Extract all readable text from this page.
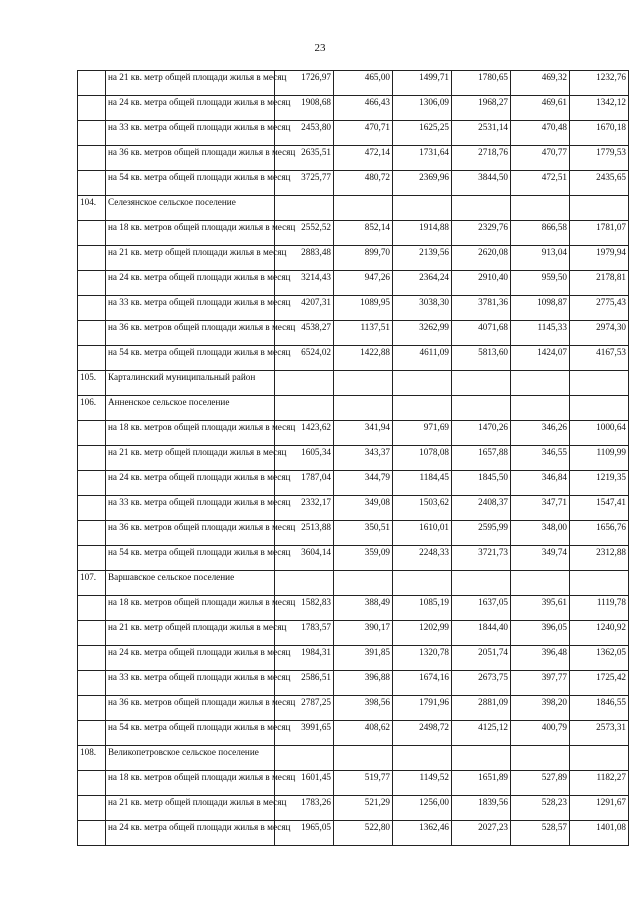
23
	на 21 кв. метр общей площади жилья в месяц	1726,97	465,00	1499,71	1780,65	469,32	1232,76
	на 24 кв. метра общей площади жилья в месяц	1908,68	466,43	1306,09	1968,27	469,61	1342,12
	на 33 кв. метра общей площади жилья в месяц	2453,80	470,71	1625,25	2531,14	470,48	1670,18
	на 36 кв. метров общей площади жилья в месяц	2635,51	472,14	1731,64	2718,76	470,77	1779,53
	на 54 кв. метра общей площади жилья в месяц	3725,77	480,72	2369,96	3844,50	472,51	2435,65
104.	Селезянское сельское поселение						
	на 18 кв. метров общей площади жилья в месяц	2552,52	852,14	1914,88	2329,76	866,58	1781,07
	на 21 кв. метр общей площади жилья в месяц	2883,48	899,70	2139,56	2620,08	913,04	1979,94
	на 24 кв. метра общей площади жилья в месяц	3214,43	947,26	2364,24	2910,40	959,50	2178,81
	на 33 кв. метра общей площади жилья в месяц	4207,31	1089,95	3038,30	3781,36	1098,87	2775,43
	на 36 кв. метров общей площади жилья в месяц	4538,27	1137,51	3262,99	4071,68	1145,33	2974,30
	на 54 кв. метра общей площади жилья в месяц	6524,02	1422,88	4611,09	5813,60	1424,07	4167,53
105.	Карталинский муниципальный район						
106.	Анненское сельское поселение						
	на 18 кв. метров общей площади жилья в месяц	1423,62	341,94	971,69	1470,26	346,26	1000,64
	на 21 кв. метр общей площади жилья в месяц	1605,34	343,37	1078,08	1657,88	346,55	1109,99
	на 24 кв. метра общей площади жилья в месяц	1787,04	344,79	1184,45	1845,50	346,84	1219,35
	на 33 кв. метра общей площади жилья в месяц	2332,17	349,08	1503,62	2408,37	347,71	1547,41
	на 36 кв. метров общей площади жилья в месяц	2513,88	350,51	1610,01	2595,99	348,00	1656,76
	на 54 кв. метра общей площади жилья в месяц	3604,14	359,09	2248,33	3721,73	349,74	2312,88
107.	Варшавское сельское поселение						
	на 18 кв. метров общей площади жилья в месяц	1582,83	388,49	1085,19	1637,05	395,61	1119,78
	на 21 кв. метр общей площади жилья в месяц	1783,57	390,17	1202,99	1844,40	396,05	1240,92
	на 24 кв. метра общей площади жилья в месяц	1984,31	391,85	1320,78	2051,74	396,48	1362,05
	на 33 кв. метра общей площади жилья в месяц	2586,51	396,88	1674,16	2673,75	397,77	1725,42
	на 36 кв. метров общей площади жилья в месяц	2787,25	398,56	1791,96	2881,09	398,20	1846,55
	на 54 кв. метра общей площади жилья в месяц	3991,65	408,62	2498,72	4125,12	400,79	2573,31
108.	Великопетровское сельское поселение						
	на 18 кв. метров общей площади жилья в месяц	1601,45	519,77	1149,52	1651,89	527,89	1182,27
	на 21 кв. метр общей площади жилья в месяц	1783,26	521,29	1256,00	1839,56	528,23	1291,67
	на 24 кв. метра общей площади жилья в месяц	1965,05	522,80	1362,46	2027,23	528,57	1401,08
